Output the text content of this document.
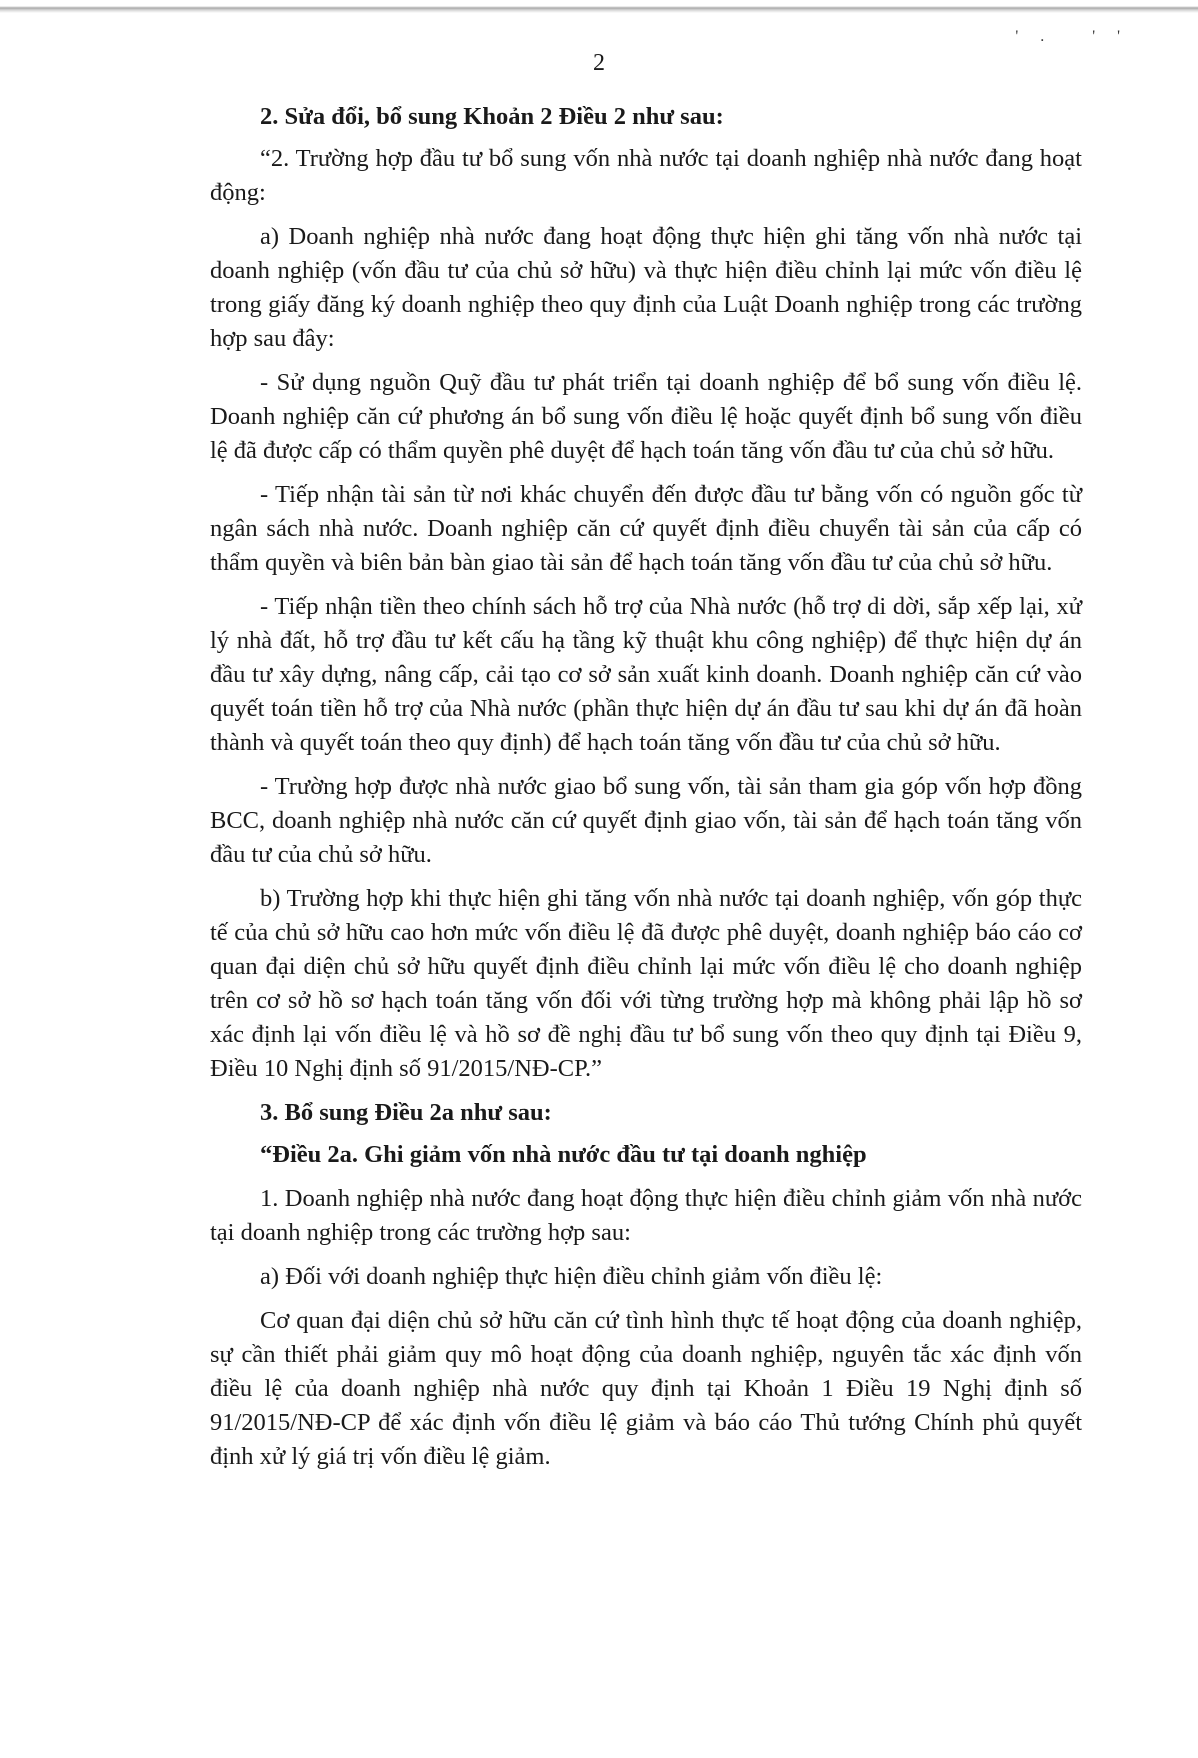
'. ''
2

2. Sửa đổi, bổ sung Khoản 2 Điều 2 như sau:

“2. Trường hợp đầu tư bổ sung vốn nhà nước tại doanh nghiệp nhà nước đang hoạt động:

a) Doanh nghiệp nhà nước đang hoạt động thực hiện ghi tăng vốn nhà nước tại doanh nghiệp (vốn đầu tư của chủ sở hữu) và thực hiện điều chỉnh lại mức vốn điều lệ trong giấy đăng ký doanh nghiệp theo quy định của Luật Doanh nghiệp trong các trường hợp sau đây:

- Sử dụng nguồn Quỹ đầu tư phát triển tại doanh nghiệp để bổ sung vốn điều lệ. Doanh nghiệp căn cứ phương án bổ sung vốn điều lệ hoặc quyết định bổ sung vốn điều lệ đã được cấp có thẩm quyền phê duyệt để hạch toán tăng vốn đầu tư của chủ sở hữu.

- Tiếp nhận tài sản từ nơi khác chuyển đến được đầu tư bằng vốn có nguồn gốc từ ngân sách nhà nước. Doanh nghiệp căn cứ quyết định điều chuyển tài sản của cấp có thẩm quyền và biên bản bàn giao tài sản để hạch toán tăng vốn đầu tư của chủ sở hữu.

- Tiếp nhận tiền theo chính sách hỗ trợ của Nhà nước (hỗ trợ di dời, sắp xếp lại, xử lý nhà đất, hỗ trợ đầu tư kết cấu hạ tầng kỹ thuật khu công nghiệp) để thực hiện dự án đầu tư xây dựng, nâng cấp, cải tạo cơ sở sản xuất kinh doanh. Doanh nghiệp căn cứ vào quyết toán tiền hỗ trợ của Nhà nước (phần thực hiện dự án đầu tư sau khi dự án đã hoàn thành và quyết toán theo quy định) để hạch toán tăng vốn đầu tư của chủ sở hữu.

- Trường hợp được nhà nước giao bổ sung vốn, tài sản tham gia góp vốn hợp đồng BCC, doanh nghiệp nhà nước căn cứ quyết định giao vốn, tài sản để hạch toán tăng vốn đầu tư của chủ sở hữu.

b) Trường hợp khi thực hiện ghi tăng vốn nhà nước tại doanh nghiệp, vốn góp thực tế của chủ sở hữu cao hơn mức vốn điều lệ đã được phê duyệt, doanh nghiệp báo cáo cơ quan đại diện chủ sở hữu quyết định điều chỉnh lại mức vốn điều lệ cho doanh nghiệp trên cơ sở hồ sơ hạch toán tăng vốn đối với từng trường hợp mà không phải lập hồ sơ xác định lại vốn điều lệ và hồ sơ đề nghị đầu tư bổ sung vốn theo quy định tại Điều 9, Điều 10 Nghị định số 91/2015/NĐ-CP.”

3. Bổ sung Điều 2a như sau:

“Điều 2a. Ghi giảm vốn nhà nước đầu tư tại doanh nghiệp

1. Doanh nghiệp nhà nước đang hoạt động thực hiện điều chỉnh giảm vốn nhà nước tại doanh nghiệp trong các trường hợp sau:

a) Đối với doanh nghiệp thực hiện điều chỉnh giảm vốn điều lệ:

Cơ quan đại diện chủ sở hữu căn cứ tình hình thực tế hoạt động của doanh nghiệp, sự cần thiết phải giảm quy mô hoạt động của doanh nghiệp, nguyên tắc xác định vốn điều lệ của doanh nghiệp nhà nước quy định tại Khoản 1 Điều 19 Nghị định số 91/2015/NĐ-CP để xác định vốn điều lệ giảm và báo cáo Thủ tướng Chính phủ quyết định xử lý giá trị vốn điều lệ giảm.
